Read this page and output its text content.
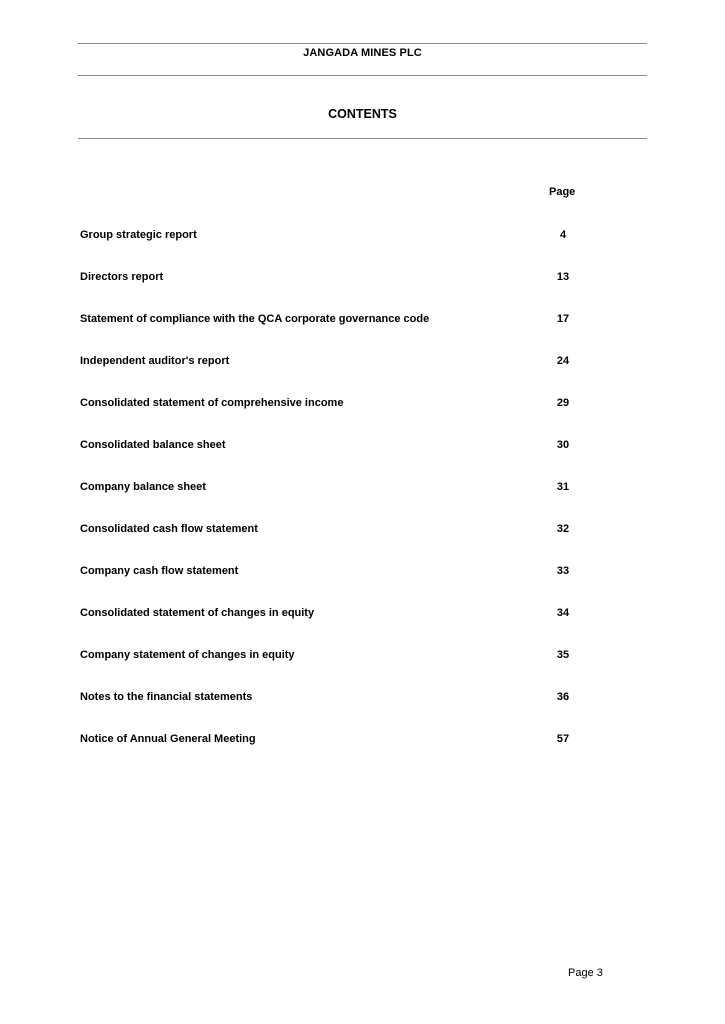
JANGADA MINES PLC
CONTENTS
Page
Group strategic report	4
Directors report	13
Statement of compliance with the QCA corporate governance code	17
Independent auditor's report	24
Consolidated statement of comprehensive income	29
Consolidated balance sheet	30
Company balance sheet	31
Consolidated cash flow statement	32
Company cash flow statement	33
Consolidated statement of changes in equity	34
Company statement of changes in equity	35
Notes to the financial statements	36
Notice of Annual General Meeting	57
Page 3
